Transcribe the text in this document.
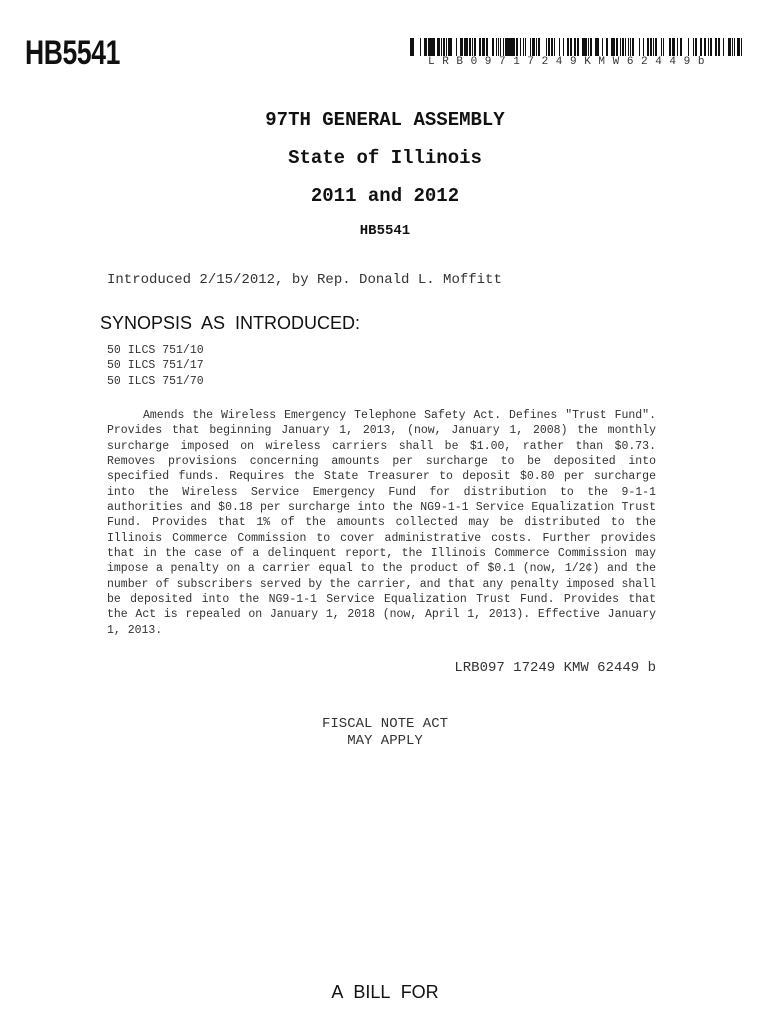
HB5541	LRB09717249KMW62449b
97TH GENERAL ASSEMBLY
State of Illinois
2011 and 2012
HB5541
Introduced 2/15/2012, by Rep. Donald L. Moffitt
SYNOPSIS AS INTRODUCED:
50 ILCS 751/10
50 ILCS 751/17
50 ILCS 751/70

Amends the Wireless Emergency Telephone Safety Act. Defines "Trust Fund". Provides that beginning January 1, 2013, (now, January 1, 2008) the monthly surcharge imposed on wireless carriers shall be $1.00, rather than $0.73. Removes provisions concerning amounts per surcharge to be deposited into specified funds. Requires the State Treasurer to deposit $0.80 per surcharge into the Wireless Service Emergency Fund for distribution to the 9-1-1 authorities and $0.18 per surcharge into the NG9-1-1 Service Equalization Trust Fund. Provides that 1% of the amounts collected may be distributed to the Illinois Commerce Commission to cover administrative costs. Further provides that in the case of a delinquent report, the Illinois Commerce Commission may impose a penalty on a carrier equal to the product of $0.1 (now, 1/2¢) and the number of subscribers served by the carrier, and that any penalty imposed shall be deposited into the NG9-1-1 Service Equalization Trust Fund. Provides that the Act is repealed on January 1, 2018 (now, April 1, 2013). Effective January 1, 2013.

LRB097 17249 KMW 62449 b
FISCAL NOTE ACT
MAY APPLY
A BILL FOR
